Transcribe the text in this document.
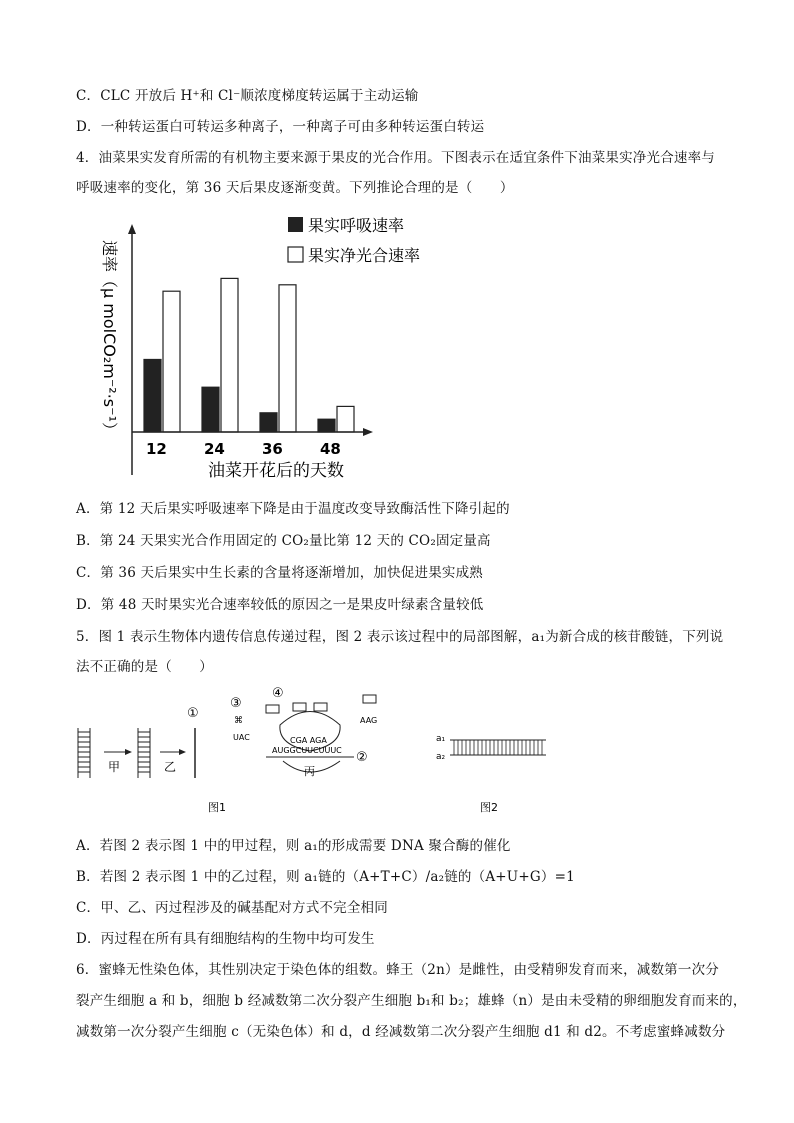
C．CLC 开放后 H⁺和 Cl⁻顺浓度梯度转运属于主动运输
D．一种转运蛋白可转运多种离子，一种离子可由多种转运蛋白转运
4．油菜果实发育所需的有机物主要来源于果皮的光合作用。下图表示在适宜条件下油菜果实净光合速率与
呼吸速率的变化，第 36 天后果皮逐渐变黄。下列推论合理的是（　　）
速率（μ molCO₂m⁻²·s⁻¹）
果实呼吸速率
果实净光合速率
12 24 36 48
油菜开花后的天数
A．第 12 天后果实呼吸速率下降是由于温度改变导致酶活性下降引起的
B．第 24 天果实光合作用固定的 CO₂量比第 12 天的 CO₂固定量高
C．第 36 天后果实中生长素的含量将逐渐增加，加快促进果实成熟
D．第 48 天时果实光合速率较低的原因之一是果皮叶绿素含量较低
5．图 1 表示生物体内遗传信息传递过程，图 2 表示该过程中的局部图解，a₁为新合成的核苷酸链，下列说
法不正确的是（　　）
甲	乙
①
③
④
⌘
UAC	CGA AGA
AUGGCUUCUUUC ②
AAG
丙
图1
a₁
a₂
图2
A．若图 2 表示图 1 中的甲过程，则 a₁的形成需要 DNA 聚合酶的催化
B．若图 2 表示图 1 中的乙过程，则 a₁链的（A+T+C）/a₂链的（A+U+G）=1
C．甲、乙、丙过程涉及的碱基配对方式不完全相同
D．丙过程在所有具有细胞结构的生物中均可发生
6．蜜蜂无性染色体，其性别决定于染色体的组数。蜂王（2n）是雌性，由受精卵发育而来，减数第一次分
裂产生细胞 a 和 b，细胞 b 经减数第二次分裂产生细胞 b₁和 b₂；雄蜂（n）是由未受精的卵细胞发育而来的，
减数第一次分裂产生细胞 c（无染色体）和 d，d 经减数第二次分裂产生细胞 d1 和 d2。不考虑蜜蜂减数分
